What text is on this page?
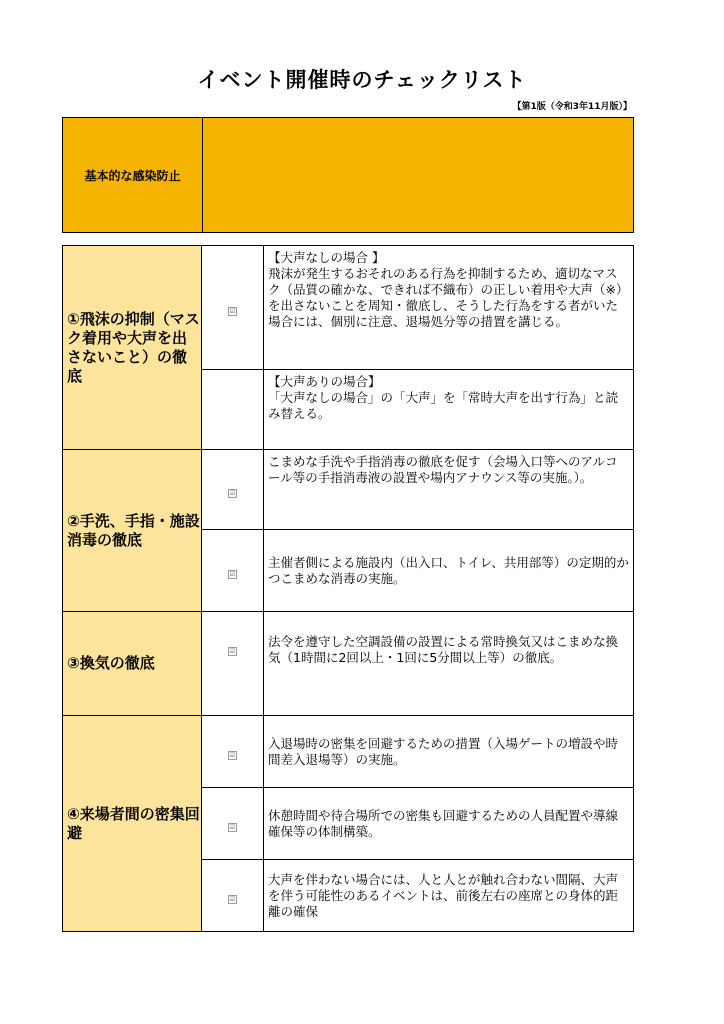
イベント開催時のチェックリスト
【第1版（令和3年11月版）】
基本的な感染防止	
①飛沫の抑制（マスク着用や大声を出さないこと）の徹底	☑	【大声なしの場合 】
飛沫が発生するおそれのある行為を抑制するため、適切なマスク（品質の確かな、できれば不織布）の正しい着用や大声（※）を出さないことを周知・徹底し、そうした行為をする者がいた場合には、個別に注意、退場処分等の措置を講じる。
		【大声ありの場合】
「大声なしの場合」の「大声」を「常時大声を出す行為」と読み替える。
②手洗、手指・施設消毒の徹底	☑	こまめな手洗や手指消毒の徹底を促す（会場入口等へのアルコール等の手指消毒液の設置や場内アナウンス等の実施。）。
	☑	主催者側による施設内（出入口、トイレ、共用部等）の定期的かつこまめな消毒の実施。
③換気の徹底	☑	法令を遵守した空調設備の設置による常時換気又はこまめな換気（1時間に2回以上・1回に5分間以上等）の徹底。
④来場者間の密集回避	☑	入退場時の密集を回避するための措置（入場ゲートの増設や時間差入退場等）の実施。
	☑	休憩時間や待合場所での密集も回避するための人員配置や導線確保等の体制構築。
	☑	大声を伴わない場合には、人と人とが触れ合わない間隔、大声を伴う可能性のあるイベントは、前後左右の座席との身体的距離の確保
